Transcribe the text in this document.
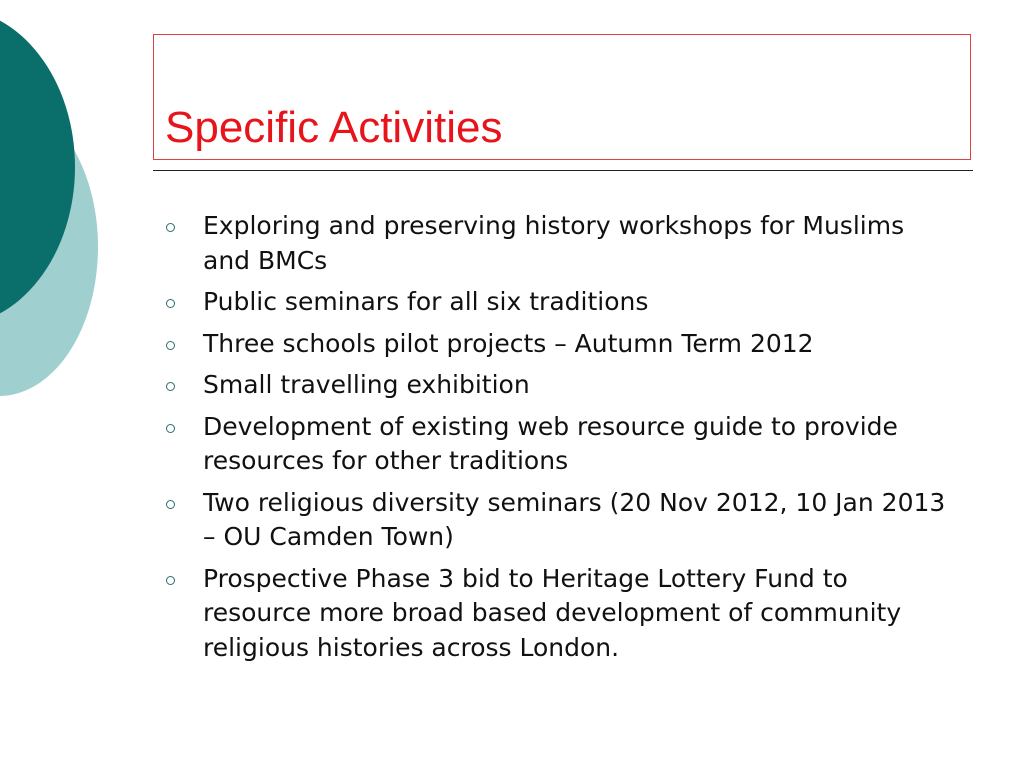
Specific Activities
Exploring and preserving history workshops for Muslims and BMCs
Public seminars for all six traditions
Three schools pilot projects – Autumn Term 2012
Small travelling exhibition
Development of existing web resource guide to provide resources for other traditions
Two religious diversity seminars (20 Nov 2012, 10 Jan 2013 – OU Camden Town)
Prospective Phase 3 bid to Heritage Lottery Fund to resource more broad based development of community religious histories across London.
